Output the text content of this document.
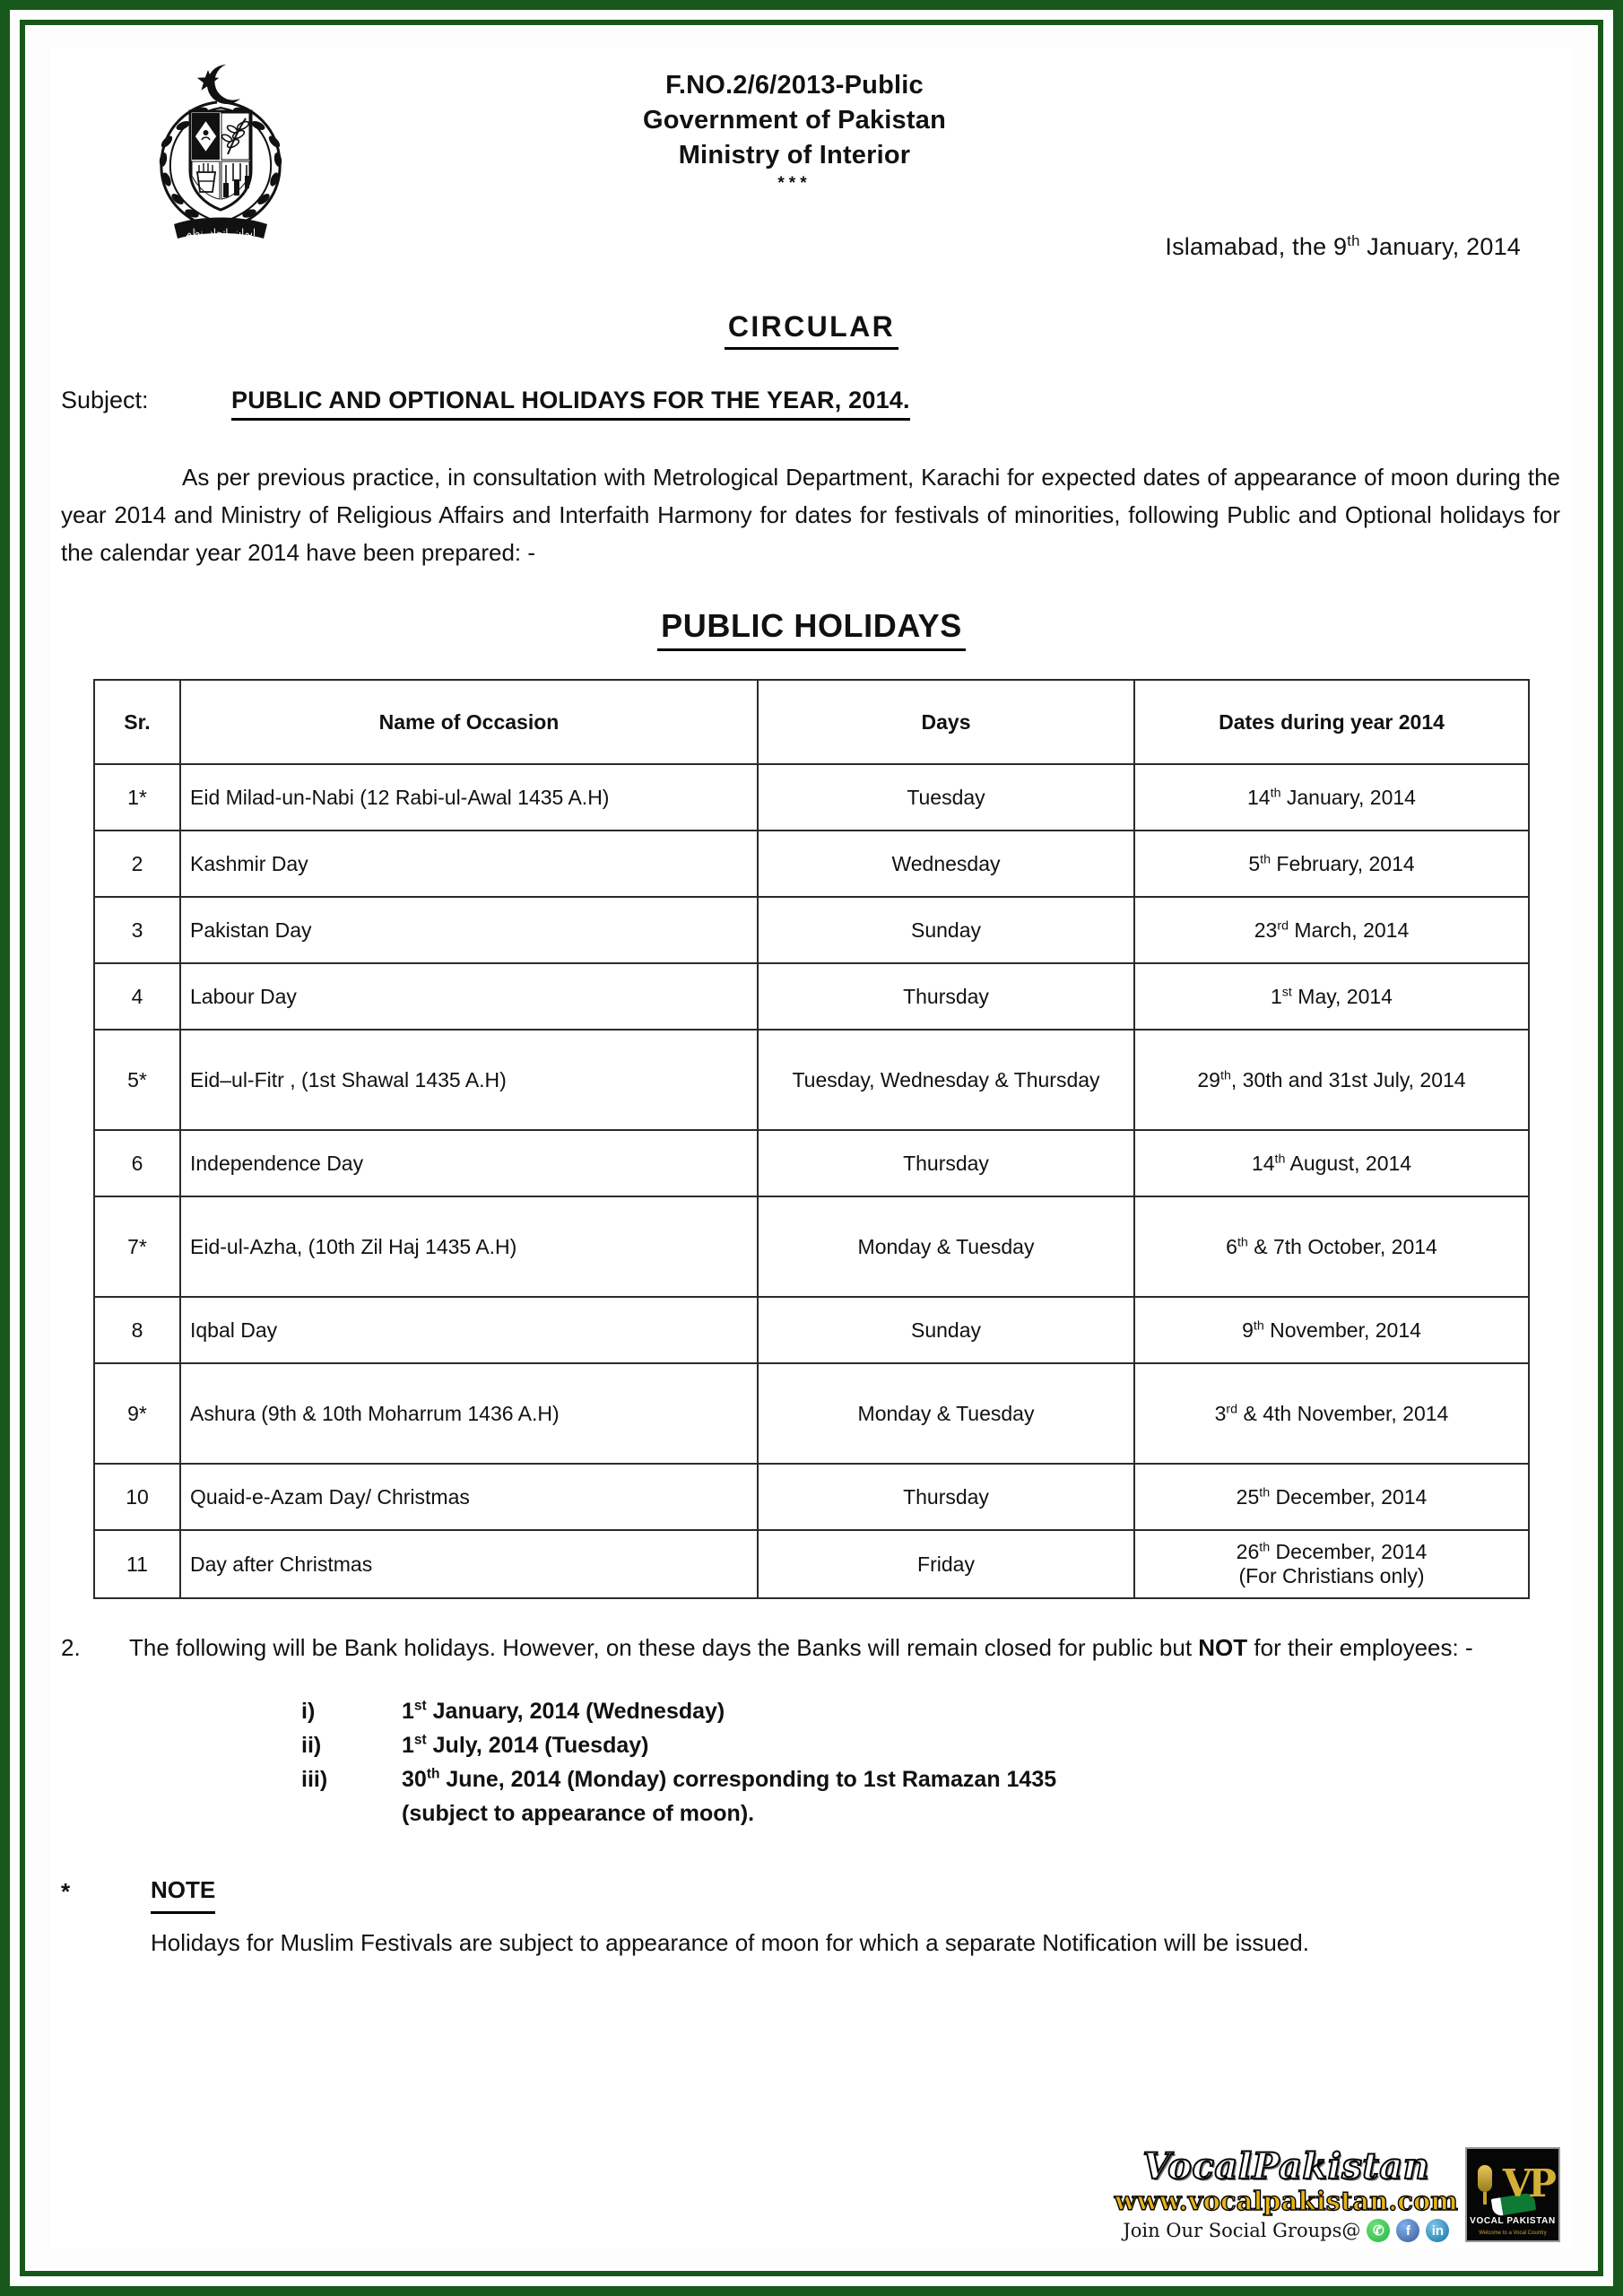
ایمان، اتحاد، نظم
F.NO.2/6/2013-Public
Government of Pakistan
Ministry of Interior
***
Islamabad, the 9th January, 2014
CIRCULAR
Subject:	PUBLIC AND OPTIONAL HOLIDAYS FOR THE YEAR, 2014.
As per previous practice, in consultation with Metrological Department, Karachi for expected dates of appearance of moon during the year 2014 and Ministry of Religious Affairs and Interfaith Harmony for dates for festivals of minorities, following Public and Optional holidays for the calendar year 2014 have been prepared: -
PUBLIC HOLIDAYS
Sr.	Name of Occasion	Days	Dates during year 2014
1*	Eid Milad-un-Nabi (12 Rabi-ul-Awal 1435 A.H)	Tuesday	14th January, 2014
2	Kashmir Day	Wednesday	5th February, 2014
3	Pakistan Day	Sunday	23rd March, 2014
4	Labour Day	Thursday	1st May, 2014
5*	Eid–ul-Fitr , (1st Shawal 1435 A.H)	Tuesday, Wednesday & Thursday	29th, 30th and 31st July, 2014
6	Independence Day	Thursday	14th August, 2014
7*	Eid-ul-Azha, (10th Zil Haj 1435 A.H)	Monday & Tuesday	6th & 7th October, 2014
8	Iqbal Day	Sunday	9th November, 2014
9*	Ashura (9th & 10th Moharrum 1436 A.H)	Monday & Tuesday	3rd & 4th November, 2014
10	Quaid-e-Azam Day/ Christmas	Thursday	25th December, 2014
11	Day after Christmas	Friday	26th December, 2014
(For Christians only)
2. The following will be Bank holidays. However, on these days the Banks will remain closed for public but NOT for their employees: -
i)	1st January, 2014 (Wednesday)
ii)	1st July, 2014 (Tuesday)
iii)	30th June, 2014 (Monday) corresponding to 1st Ramazan 1435
(subject to appearance of moon).
*	NOTE
Holidays for Muslim Festivals are subject to appearance of moon for which a separate Notification will be issued.
VocalPakistan
www.vocalpakistan.com
Join Our Social Groups@ ✆	f	in
VP
VOCAL PAKISTAN
Welcome to a Vocal Country
